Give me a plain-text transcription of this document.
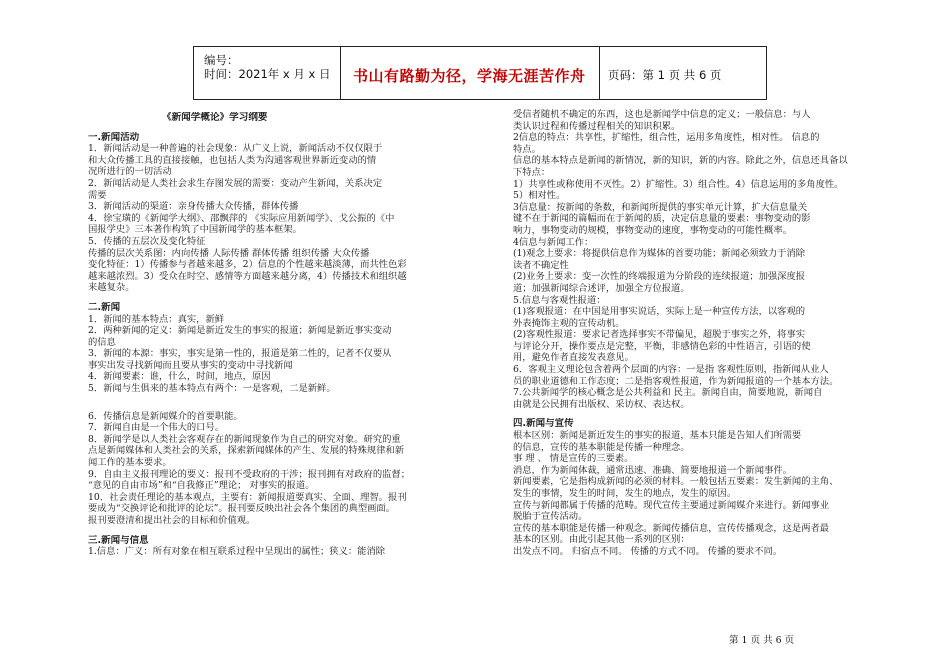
编号：
时间：2021年 x 月 x 日 书山有路勤为径，学海无涯苦作舟 页码：第 1 页 共 6 页
《新闻学概论》学习纲要
一.新闻活动
1．新闻活动是一种普遍的社会现象：从广义上说，新闻活动不仅仅限于
和大众传播工具的直接接触，也包括人类为沟通客观世界新近变动的情
况所进行的一切活动
2．新闻活动是人类社会求生存图发展的需要：变动产生新闻，关系决定
需要
3．新闻活动的渠道：亲身传播大众传播，群体传播
4．徐宝璜的《新闻学大纲》、邵飘萍的 《实际应用新闻学》、戈公振的《中
国报学史》三本著作构筑了中国新闻学的基本框架。
5．传播的五层次及变化特征
传播的层次关系图：内向传播 人际传播 群体传播 组织传播 大众传播
变化特征：1）传播参与者越来越多，2）信息的个性越来越淡薄，而共性色彩
越来越浓烈。3）受众在时空、感情等方面越来越分离，4）传播技术和组织越
来越复杂。
二.新闻
1．新闻的基本特点：真实，新鲜
2．两种新闻的定义：新闻是新近发生的事实的报道；新闻是新近事实变动
的信息
3．新闻的本源：事实，事实是第一性的，报道是第二性的，记者不仅要从
事实出发寻找新闻而且要从事实的变动中寻找新闻
4．新闻要素：谁，什么，时间，地点，原因
5．新闻与生俱来的基本特点有两个：一是客观，二是新鲜。
6．传播信息是新闻媒介的首要职能。
7．新闻自由是一个伟大的口号。
8．新闻学是以人类社会客观存在的新闻现象作为自己的研究对象。研究的重
点是新闻媒体和人类社会的关系，探索新闻媒体的产生、发展的特殊规律和新
闻工作的基本要求。
9．自由主义报刊理论的要义：报刊不受政府的干涉；报刊拥有对政府的监督；
“意见的自由市场”和“自我修正”理论； 对事实的报道。
10．社会责任理论的基本观点，主要有：新闻报道要真实、全面、理智。报刊
要成为“交换评论和批评的论坛”。报刊要反映出社会各个集团的典型画面。
报刊要澄清和提出社会的目标和价值观。
三.新闻与信息
1.信息：广义：所有对象在相互联系过程中呈现出的属性；狭义：能消除
受信者随机不确定的东西，这也是新闻学中信息的定义；一般信息：与人
类认识过程和传播过程相关的知识积累。
2信息的特点：共享性，扩缩性，组合性，运用多角度性，相对性。 信息的
特点。
信息的基本特点是新闻的新情况，新的知识，新的内容。除此之外，信息还具备以
下特点：
1）共享性或称使用不灭性。2）扩缩性。3）组合性。4）信息运用的多角度性。
5）相对性。
3信息量：按新闻的条数，和新闻所提供的事实单元计算，扩大信息量关
键不在于新闻的篇幅而在于新闻的质，决定信息量的要素：事物变动的影
响力，事物变动的规模，事物变动的速度，事物变动的可能性概率。
4信息与新闻工作：
(1)观念上要求：将提供信息作为媒体的首要功能；新闻必须致力于消除
读者不确定性
(2)业务上要求：变一次性的终端报道为分阶段的连续报道；加强深度报
道；加强新闻综合述评，加强全方位报道。
5.信息与客观性报道：
(1)客观报道：在中国是用事实说话，实际上是一种宣传方法，以客观的
外表掩饰主观的宣传动机。
(2)客观性报道：要求记者选择事实不带偏见，超脱于事实之外，将事实
与评论分开，操作要点是完整，平衡，非感情色彩的中性语言，引语的使
用，避免作者直接发表意见。
6．客观主义理论包含着两个层面的内容：一是指 客观性原则，指新闻从业人
员的职业道德和工作态度；二是指客观性报道，作为新闻报道的一个基本方法。
7.公共新闻学的核心概念是公共利益和 民主。新闻自由，简要地说，新闻自
由就是公民拥有出版权、采访权、表达权。
四.新闻与宣传
根本区别：新闻是新近发生的事实的报道，基本只能是告知人们所需要
的信息，宣传的基本职能是传播一种理念。
事 理 、 情是宣传的三要素。
消息，作为新闻体裁，通常迅速、准确、简要地报道一个新闻事件。
新闻要素，它是指构成新闻的必须的材料。一般包括五要素：发生新闻的主角、
发生的事情，发生的时间，发生的地点，发生的原因。
宣传与新闻都属于传播的范畴。现代宣传主要通过新闻媒介来进行。新闻事业
脱胎于宣传活动。
宣传的基本职能是传播一种观念。新闻传播信息，宣传传播观念，这是两者最
基本的区别。由此引起其他一系列的区别：
出发点不同。 归宿点不同。 传播的方式不同。 传播的要求不同。
第 1 页 共 6 页
